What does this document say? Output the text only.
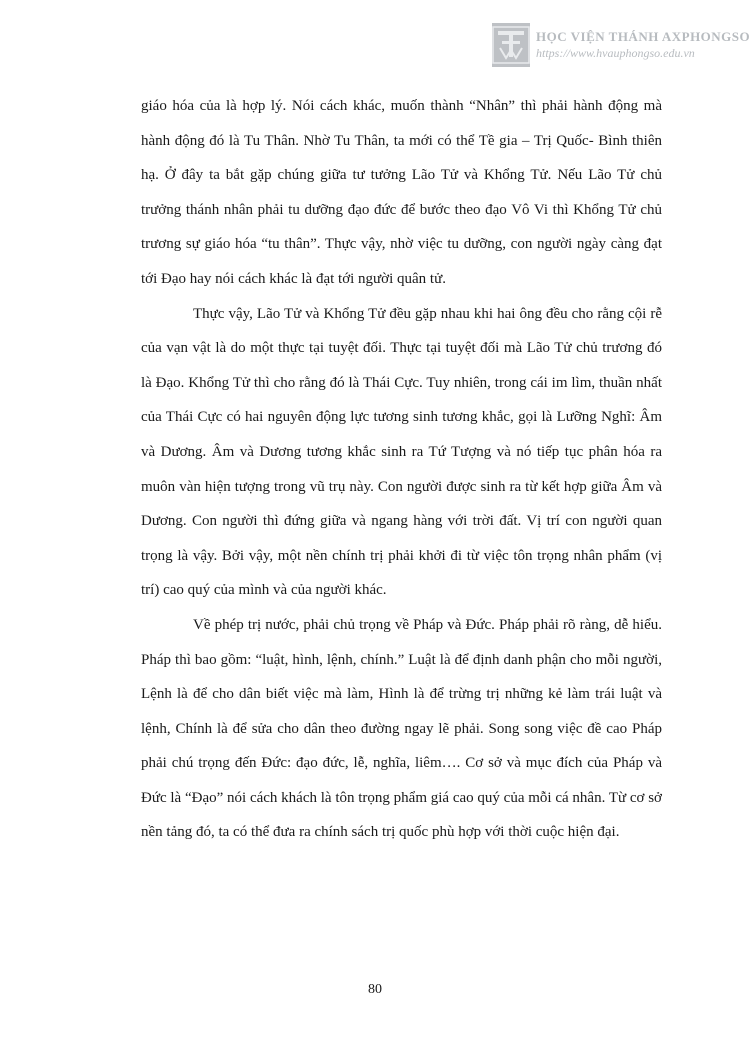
HỌC VIỆN THÁNH AXPHONGSO
https://www.hvauphongso.edu.vn

giáo hóa của là hợp lý. Nói cách khác, muốn thành “Nhân” thì phải hành động mà hành động đó là Tu Thân. Nhờ Tu Thân, ta mới có thể Tề gia – Trị Quốc- Bình thiên hạ. Ở đây ta bắt gặp chúng giữa tư tưởng Lão Tử và Khổng Tử. Nếu Lão Tử chủ trưởng thánh nhân phải tu dưỡng đạo đức để bước theo đạo Vô Vi thì Khổng Tử chủ trương sự giáo hóa “tu thân”. Thực vậy, nhờ việc tu dưỡng, con người ngày càng đạt tới Đạo hay nói cách khác là đạt tới người quân tử.

Thực vậy, Lão Tử và Khổng Tử đều gặp nhau khi hai ông đều cho rằng cội rễ của vạn vật là do một thực tại tuyệt đối. Thực tại tuyệt đối mà Lão Tử chủ trương đó là Đạo. Khổng Tử thì cho rằng đó là Thái Cực. Tuy nhiên, trong cái im lìm, thuần nhất của Thái Cực có hai nguyên động lực tương sinh tương khắc, gọi là Lưỡng Nghĩ: Âm và Dương. Âm và Dương tương khắc sinh ra Tứ Tượng và nó tiếp tục phân hóa ra muôn vàn hiện tượng trong vũ trụ này. Con người được sinh ra từ kết hợp giữa Âm và Dương. Con người thì đứng giữa và ngang hàng với trời đất. Vị trí con người quan trọng là vậy. Bởi vậy, một nền chính trị phải khởi đi từ việc tôn trọng nhân phẩm (vị trí) cao quý của mình và của người khác.

Về phép trị nước, phải chủ trọng về Pháp và Đức. Pháp phải rõ ràng, dễ hiểu. Pháp thì bao gồm: “luật, hình, lệnh, chính.” Luật là để định danh phận cho mỗi người, Lệnh là để cho dân biết việc mà làm, Hình là để trừng trị những kẻ làm trái luật và lệnh, Chính là để sửa cho dân theo đường ngay lẽ phải. Song song việc đề cao Pháp phải chú trọng đến Đức: đạo đức, lễ, nghĩa, liêm…. Cơ sở và mục đích của Pháp và Đức là “Đạo” nói cách khách là tôn trọng phẩm giá cao quý của mỗi cá nhân. Từ cơ sở nền tảng đó, ta có thể đưa ra chính sách trị quốc phù hợp với thời cuộc hiện đại.

80
